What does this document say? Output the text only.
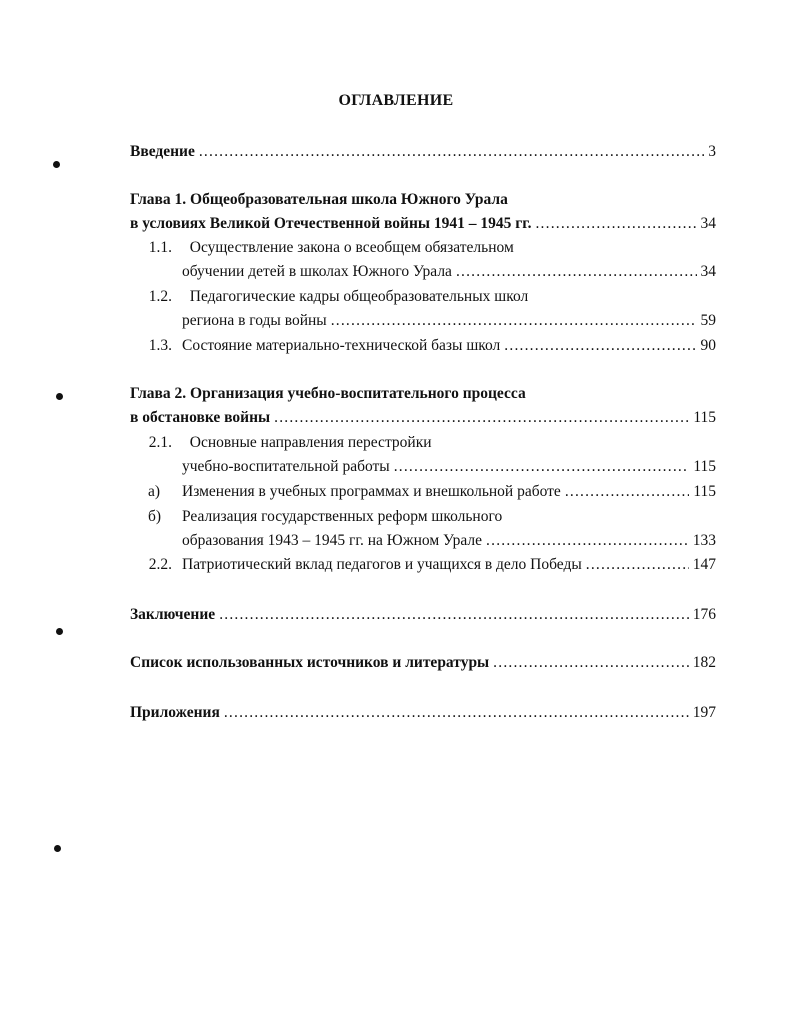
ОГЛАВЛЕНИЕ
Введение .....	3
Глава 1. Общеобразовательная школа Южного Урала
в условиях Великой Отечественной войны 1941 – 1945 гг. .....	34
1.1. Осуществление закона о всеобщем обязательном
обучении детей в школах Южного Урала .....	34
1.2. Педагогические кадры общеобразовательных школ
региона в годы войны .....	59
1.3. Состояние материально-технической базы школ .....	90
Глава 2. Организация учебно-воспитательного процесса
в обстановке войны .....	115
2.1. Основные направления перестройки
учебно-воспитательной работы .....	115
а)	Изменения в учебных программах и внешкольной работе .....	115
б) Реализация государственных реформ школьного
образования 1943 – 1945 гг. на Южном Урале .....	133
2.2. Патриотический вклад педагогов и учащихся в дело Победы .....	147
Заключение .....	176
Список использованных источников и литературы .....	182
Приложения .....	197
